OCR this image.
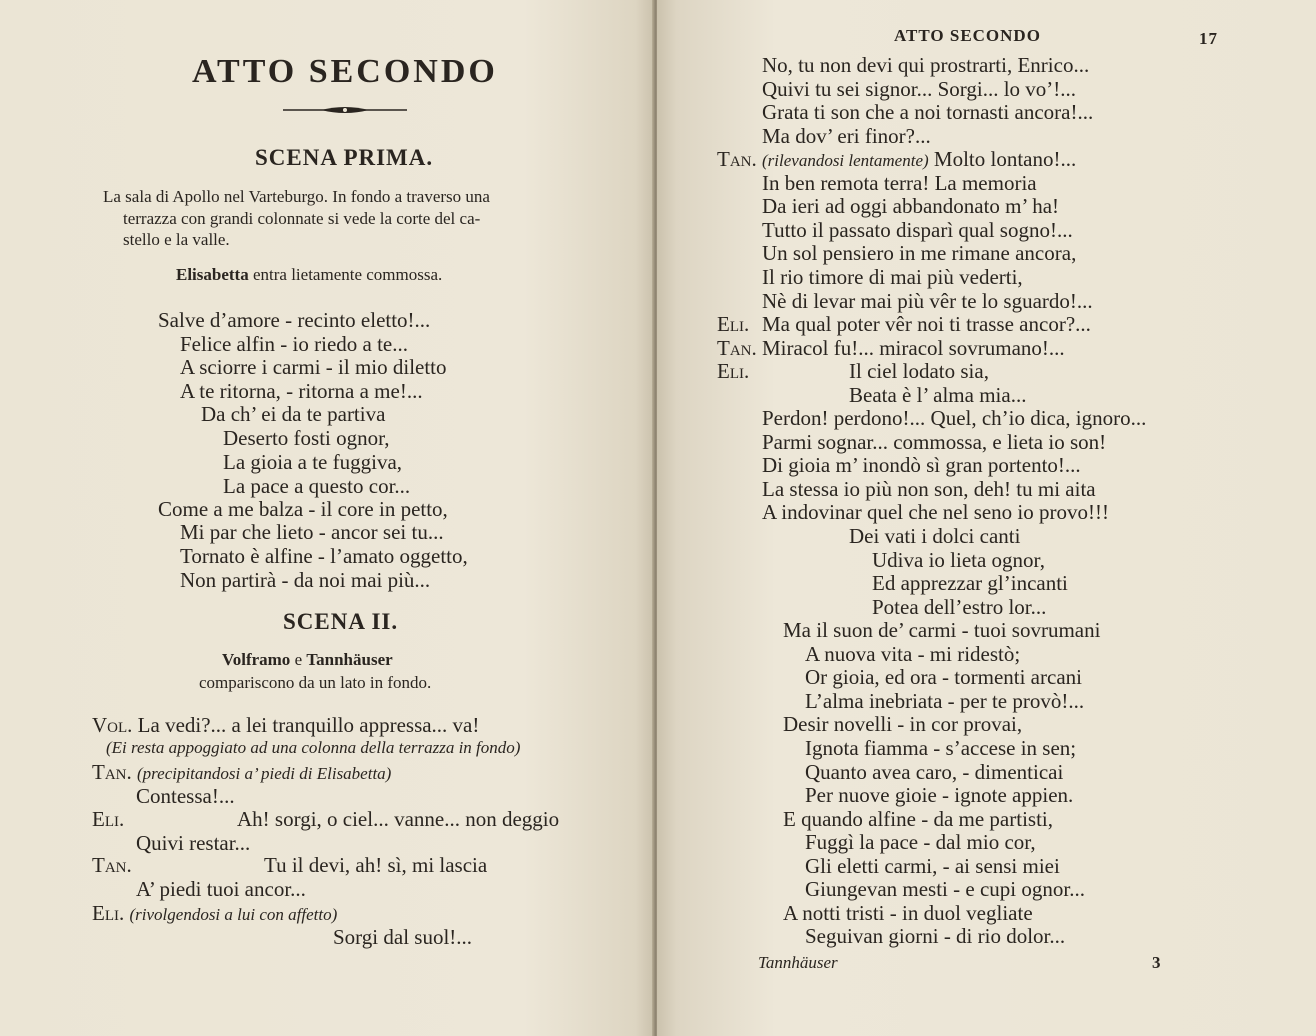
ATTO SECONDO
SCENA PRIMA.
La sala di Apollo nel Varteburgo. In fondo a traverso una
terrazza con grandi colonnate si vede la corte del ca-
stello e la valle.
Elisabetta entra lietamente commossa.
Salve d’amore - recinto eletto!...
Felice alfin - io riedo a te...
A sciorre i carmi - il mio diletto
A te ritorna, - ritorna a me!...
Da ch’ ei da te partiva
Deserto fosti ognor,
La gioia a te fuggiva,
La pace a questo cor...
Come a me balza - il core in petto,
Mi par che lieto - ancor sei tu...
Tornato è alfine - l’amato oggetto,
Non partirà - da noi mai più...
SCENA II.
Volframo e Tannhäuser
compariscono da un lato in fondo.
Vol. La vedi?... a lei tranquillo appressa... va!
(Ei resta appoggiato ad una colonna della terrazza in fondo)
Tan. (precipitandosi a’ piedi di Elisabetta)
Contessa!...
Eli.	Ah! sorgi, o ciel... vanne... non deggio
Quivi restar...
Tan.	Tu il devi, ah! sì, mi lascia
A’ piedi tuoi ancor...
Eli. (rivolgendosi a lui con affetto)
Sorgi dal suol!...
ATTO SECONDO	17
No, tu non devi qui prostrarti, Enrico...
Quivi tu sei signor... Sorgi... lo vo’!...
Grata ti son che a noi tornasti ancora!...
Ma dov’ eri finor?...
Tan. (rilevandosi lentamente) Molto lontano!...
In ben remota terra! La memoria
Da ieri ad oggi abbandonato m’ ha!
Tutto il passato disparì qual sogno!...
Un sol pensiero in me rimane ancora,
Il rio timore di mai più vederti,
Nè di levar mai più vêr te lo sguardo!...
Eli. Ma qual poter vêr noi ti trasse ancor?...
Tan. Miracol fu!... miracol sovrumano!...
Eli.	Il ciel lodato sia,
Beata è l’ alma mia...
Perdon! perdono!... Quel, ch’io dica, ignoro...
Parmi sognar... commossa, e lieta io son!
Di gioia m’ inondò sì gran portento!...
La stessa io più non son, deh! tu mi aita
A indovinar quel che nel seno io provo!!!
Dei vati i dolci canti
Udiva io lieta ognor,
Ed apprezzar gl’incanti
Potea dell’estro lor...
Ma il suon de’ carmi - tuoi sovrumani
A nuova vita - mi ridestò;
Or gioia, ed ora - tormenti arcani
L’alma inebriata - per te provò!...
Desir novelli - in cor provai,
Ignota fiamma - s’accese in sen;
Quanto avea caro, - dimenticai
Per nuove gioie - ignote appien.
E quando alfine - da me partisti,
Fuggì la pace - dal mio cor,
Gli eletti carmi, - ai sensi miei
Giungevan mesti - e cupi ognor...
A notti tristi - in duol vegliate
Seguivan giorni - di rio dolor...
Tannhäuser	3
